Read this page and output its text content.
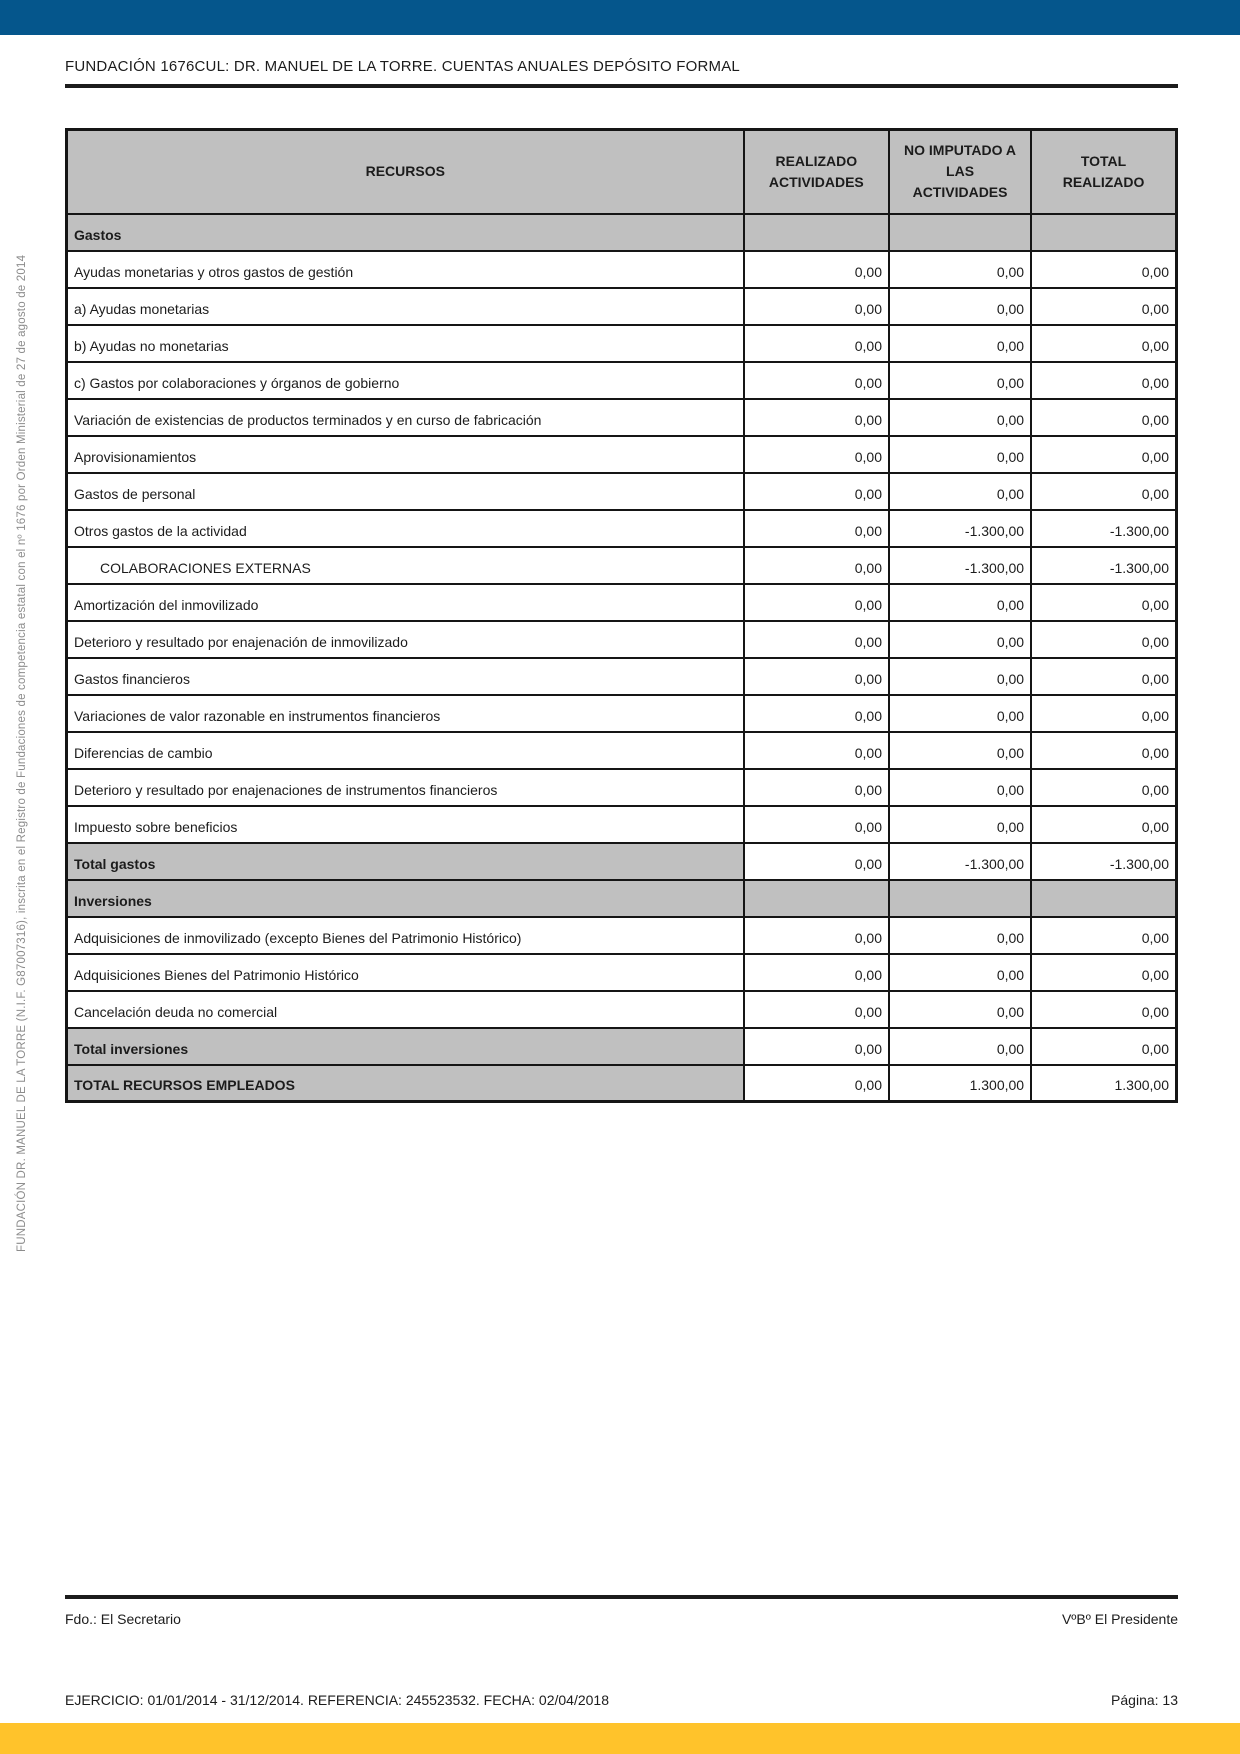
FUNDACIÓN 1676CUL: DR. MANUEL DE LA TORRE. CUENTAS ANUALES DEPÓSITO FORMAL
FUNDACIÓN DR. MANUEL DE LA TORRE (N.I.F. G87007316), inscrita en el Registro de Fundaciones de competencia estatal con el nº 1676 por Orden Ministerial de 27 de agosto de 2014
RECURSOS	REALIZADO ACTIVIDADES	NO IMPUTADO A LAS ACTIVIDADES	TOTAL REALIZADO
Gastos			
Ayudas monetarias y otros gastos de gestión	0,00	0,00	0,00
a) Ayudas monetarias	0,00	0,00	0,00
b) Ayudas no monetarias	0,00	0,00	0,00
c) Gastos por colaboraciones y órganos de gobierno	0,00	0,00	0,00
Variación de existencias de productos terminados y en curso de fabricación	0,00	0,00	0,00
Aprovisionamientos	0,00	0,00	0,00
Gastos de personal	0,00	0,00	0,00
Otros gastos de la actividad	0,00	-1.300,00	-1.300,00
COLABORACIONES EXTERNAS	0,00	-1.300,00	-1.300,00
Amortización del inmovilizado	0,00	0,00	0,00
Deterioro y resultado por enajenación de inmovilizado	0,00	0,00	0,00
Gastos financieros	0,00	0,00	0,00
Variaciones de valor razonable en instrumentos financieros	0,00	0,00	0,00
Diferencias de cambio	0,00	0,00	0,00
Deterioro y resultado por enajenaciones de instrumentos financieros	0,00	0,00	0,00
Impuesto sobre beneficios	0,00	0,00	0,00
Total gastos	0,00	-1.300,00	-1.300,00
Inversiones			
Adquisiciones de inmovilizado (excepto Bienes del Patrimonio Histórico)	0,00	0,00	0,00
Adquisiciones Bienes del Patrimonio Histórico	0,00	0,00	0,00
Cancelación deuda no comercial	0,00	0,00	0,00
Total inversiones	0,00	0,00	0,00
TOTAL RECURSOS EMPLEADOS	0,00	1.300,00	1.300,00
Fdo.: El Secretario	VºBº El Presidente
EJERCICIO: 01/01/2014 - 31/12/2014. REFERENCIA: 245523532. FECHA: 02/04/2018	Página: 13
